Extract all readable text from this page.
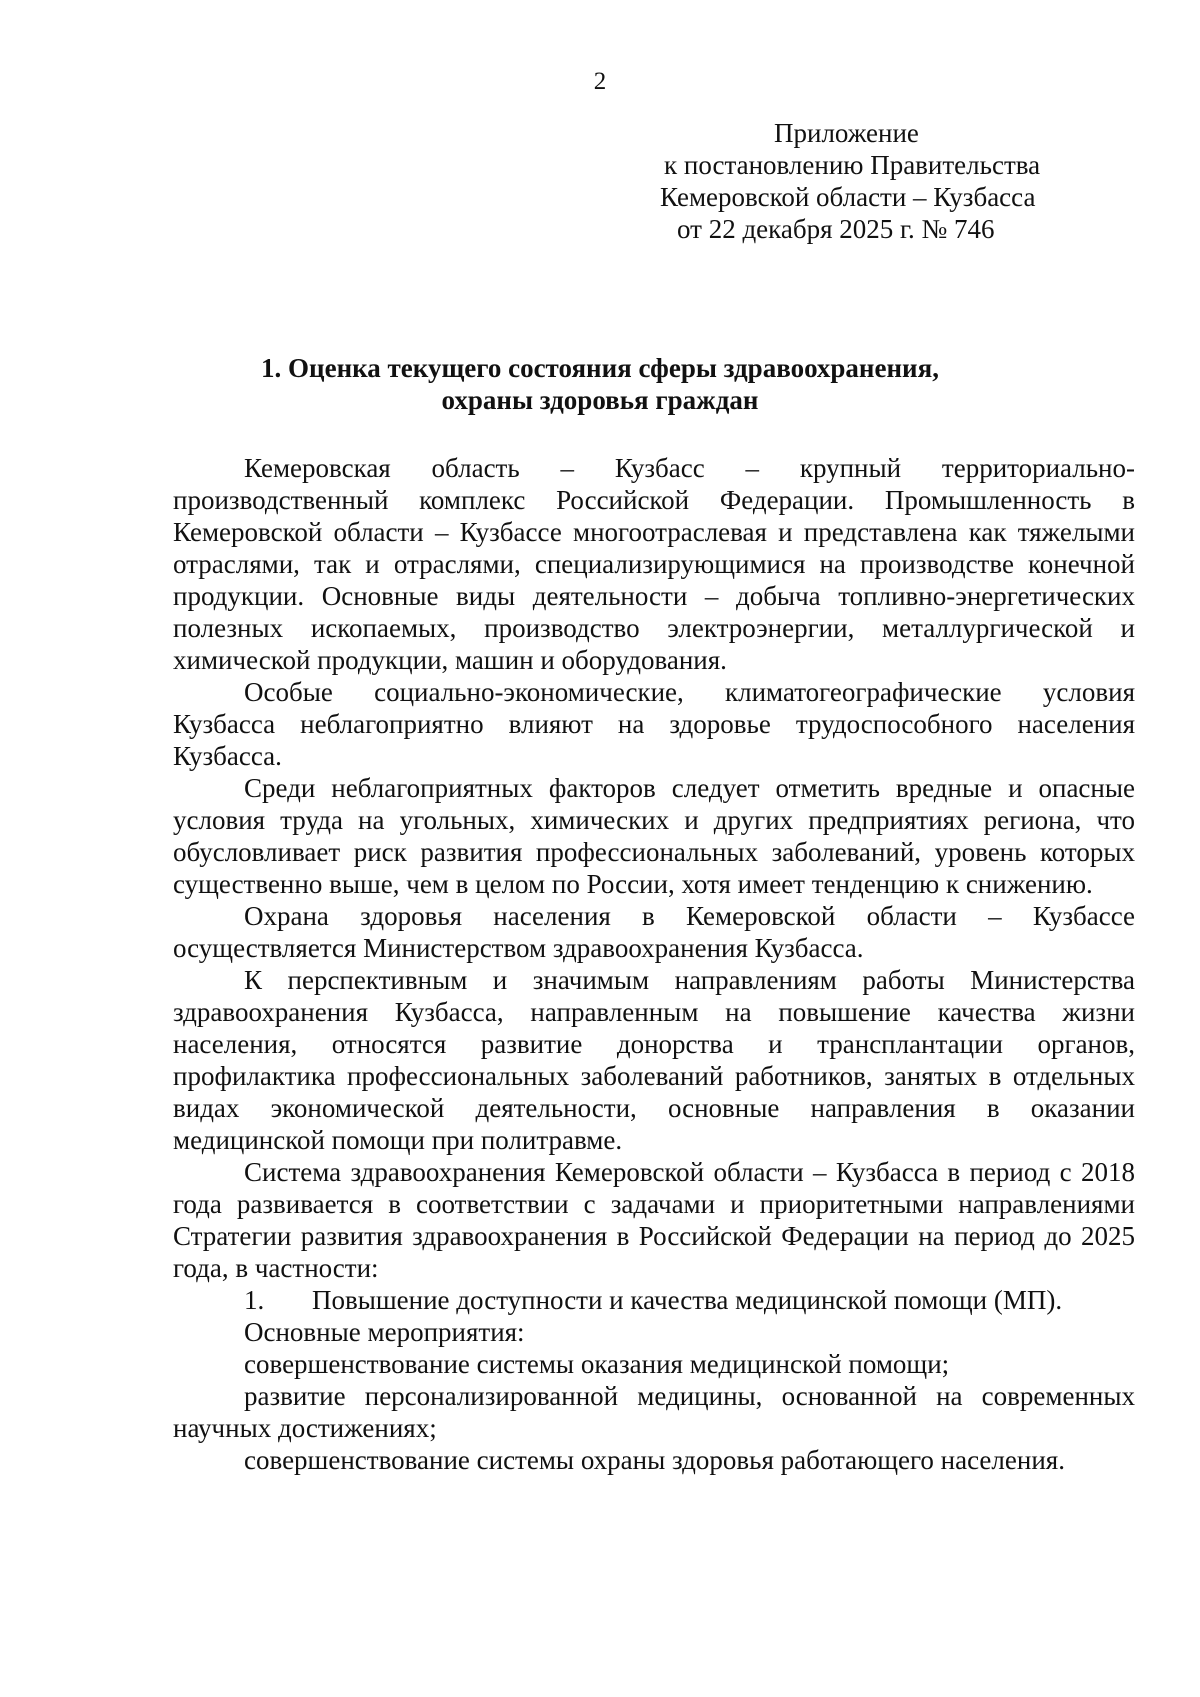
2
Приложение
к постановлению Правительства
Кемеровской области – Кузбасса
от 22 декабря 2025 г. № 746
1. Оценка текущего состояния сферы здравоохранения,
охраны здоровья граждан

Кемеровская область – Кузбасс – крупный территориально-производственный комплекс Российской Федерации. Промышленность в Кемеровской области – Кузбассе многоотраслевая и представлена как тяжелыми отраслями, так и отраслями, специализирующимися на производстве конечной продукции. Основные виды деятельности – добыча топливно-энергетических полезных ископаемых, производство электроэнергии, металлургической и химической продукции, машин и оборудования.

Особые социально-экономические, климатогеографические условия Кузбасса неблагоприятно влияют на здоровье трудоспособного населения Кузбасса.

Среди неблагоприятных факторов следует отметить вредные и опасные условия труда на угольных, химических и других предприятиях региона, что обусловливает риск развития профессиональных заболеваний, уровень которых существенно выше, чем в целом по России, хотя имеет тенденцию к снижению.

Охрана здоровья населения в Кемеровской области – Кузбассе осуществляется Министерством здравоохранения Кузбасса.

К перспективным и значимым направлениям работы Министерства здравоохранения Кузбасса, направленным на повышение качества жизни населения, относятся развитие донорства и трансплантации органов, профилактика профессиональных заболеваний работников, занятых в отдельных видах экономической деятельности, основные направления в оказании медицинской помощи при политравме.

Система здравоохранения Кемеровской области – Кузбасса в период с 2018 года развивается в соответствии с задачами и приоритетными направлениями Стратегии развития здравоохранения в Российской Федерации на период до 2025 года, в частности:

1. Повышение доступности и качества медицинской помощи (МП).

Основные мероприятия:

совершенствование системы оказания медицинской помощи;

развитие персонализированной медицины, основанной на современных научных достижениях;

совершенствование системы охраны здоровья работающего населения.
